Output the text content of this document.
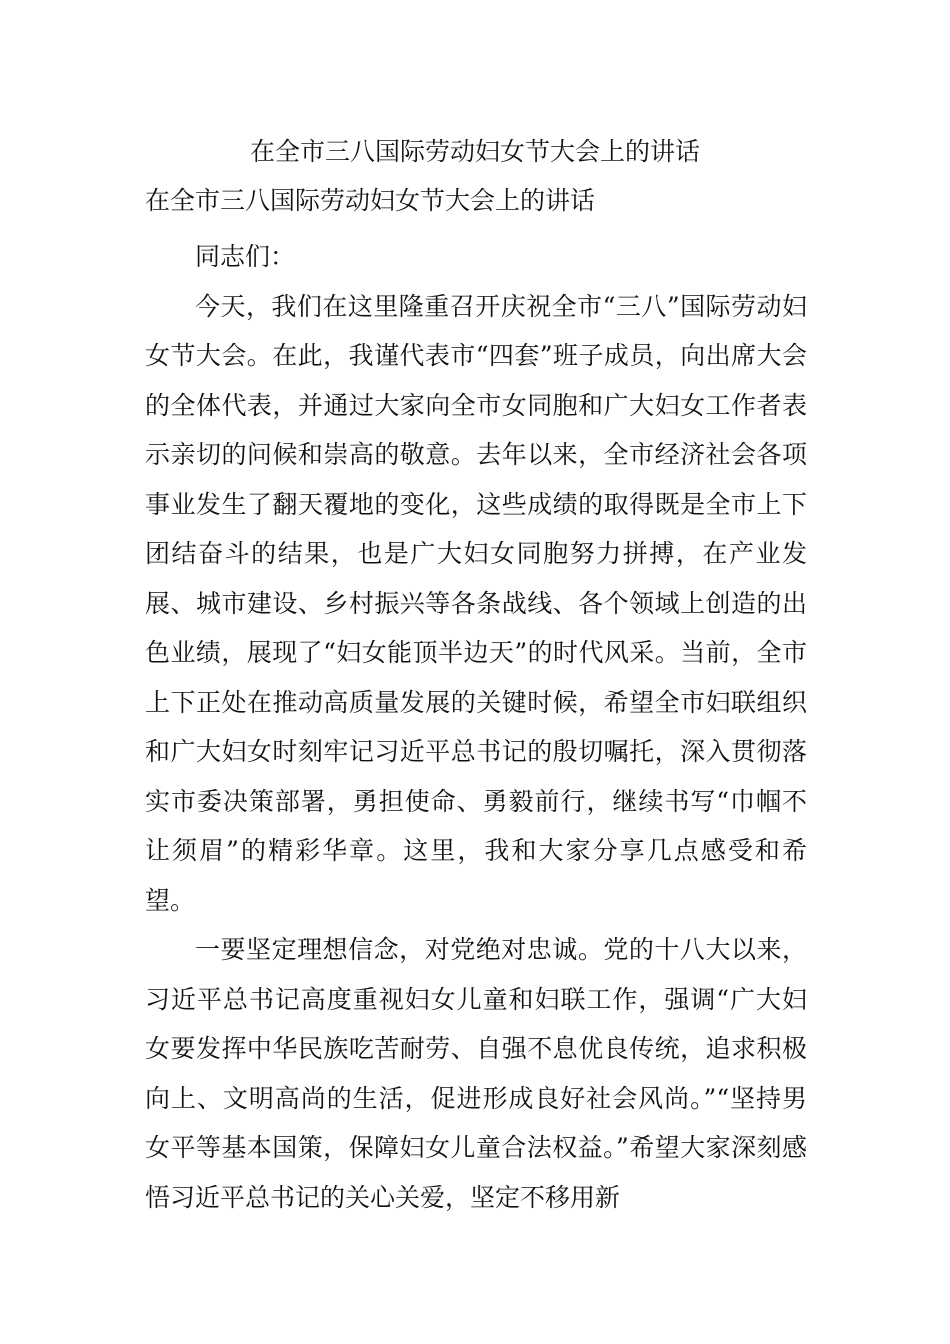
在全市三八国际劳动妇女节大会上的讲话
在全市三八国际劳动妇女节大会上的讲话

同志们：

今天，我们在这里隆重召开庆祝全市“三八”国际劳动妇女节大会。在此，我谨代表市“四套”班子成员，向出席大会的全体代表，并通过大家向全市女同胞和广大妇女工作者表示亲切的问候和崇高的敬意。去年以来，全市经济社会各项事业发生了翻天覆地的变化，这些成绩的取得既是全市上下团结奋斗的结果，也是广大妇女同胞努力拼搏，在产业发展、城市建设、乡村振兴等各条战线、各个领域上创造的出色业绩，展现了“妇女能顶半边天”的时代风采。当前，全市上下正处在推动高质量发展的关键时候，希望全市妇联组织和广大妇女时刻牢记习近平总书记的殷切嘱托，深入贯彻落实市委决策部署，勇担使命、勇毅前行，继续书写“巾帼不让须眉”的精彩华章。这里，我和大家分享几点感受和希望。

一要坚定理想信念，对党绝对忠诚。党的十八大以来，习近平总书记高度重视妇女儿童和妇联工作，强调“广大妇女要发挥中华民族吃苦耐劳、自强不息优良传统，追求积极向上、文明高尚的生活，促进形成良好社会风尚。”“坚持男女平等基本国策，保障妇女儿童合法权益。”希望大家深刻感悟习近平总书记的关心关爱，坚定不移用新
